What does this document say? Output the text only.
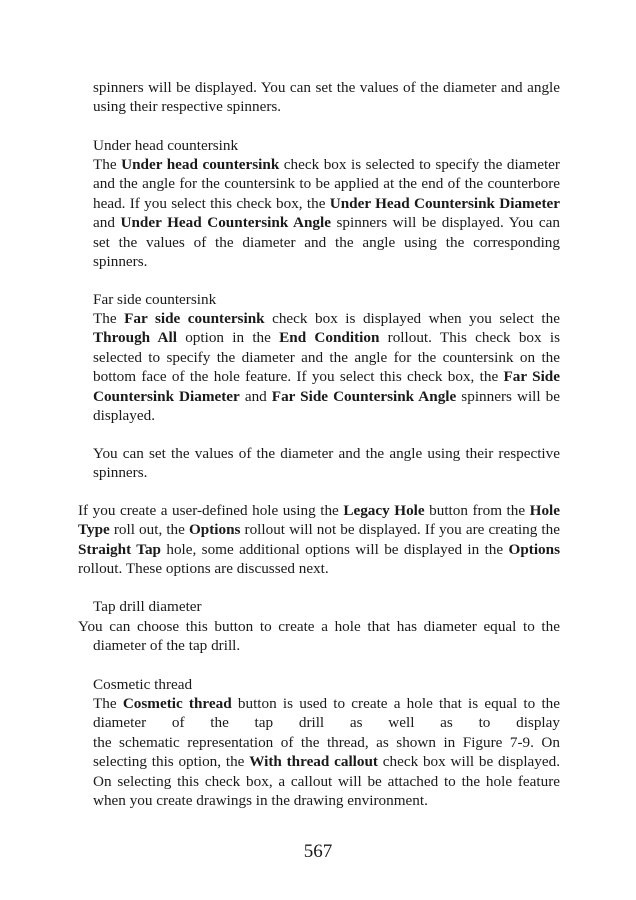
spinners will be displayed. You can set the values of the diameter and angle using their respective spinners.
Under head countersink
The Under head countersink check box is selected to specify the diameter and the angle for the countersink to be applied at the end of the counterbore head. If you select this check box, the Under Head Countersink Diameter and Under Head Countersink Angle spinners will be displayed. You can set the values of the diameter and the angle using the corresponding spinners.
Far side countersink
The Far side countersink check box is displayed when you select the Through All option in the End Condition rollout. This check box is selected to specify the diameter and the angle for the countersink on the bottom face of the hole feature. If you select this check box, the Far Side Countersink Diameter and Far Side Countersink Angle spinners will be displayed.
You can set the values of the diameter and the angle using their respective spinners.
If you create a user-defined hole using the Legacy Hole button from the Hole Type roll out, the Options rollout will not be displayed. If you are creating the Straight Tap hole, some additional options will be displayed in the Options rollout. These options are discussed next.
Tap drill diameter
You can choose this button to create a hole that has diameter equal to the diameter of the tap drill.
Cosmetic thread
The Cosmetic thread button is used to create a hole that is equal to the
diameter of the tap drill as well as to display
the schematic representation of the thread, as shown in Figure 7-9. On selecting this option, the With thread callout check box will be displayed. On selecting this check box, a callout will be attached to the hole feature when you create drawings in the drawing environment.
567
